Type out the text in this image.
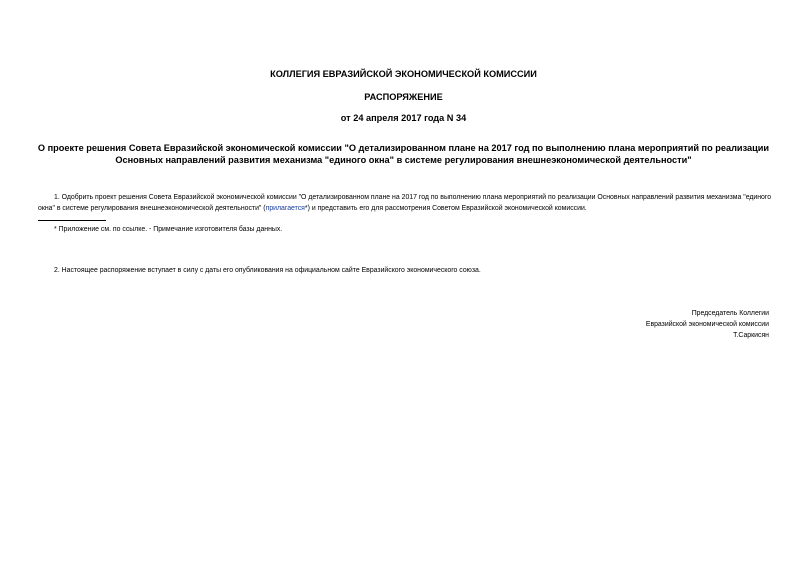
КОЛЛЕГИЯ ЕВРАЗИЙСКОЙ ЭКОНОМИЧЕСКОЙ КОМИССИИ

РАСПОРЯЖЕНИЕ

от 24 апреля 2017 года N 34

О проекте решения Совета Евразийской экономической комиссии "О детализированном плане на 2017 год по выполнению плана мероприятий по реализации Основных направлений развития механизма "единого окна" в системе регулирования внешнеэкономической деятельности"

1. Одобрить проект решения Совета Евразийской экономической комиссии "О детализированном плане на 2017 год по выполнению плана мероприятий по реализации Основных направлений развития механизма "единого окна" в системе регулирования внешнеэкономической деятельности" (прилагается*) и представить его для рассмотрения Советом Евразийской экономической комиссии.

* Приложение см. по ссылке. - Примечание изготовителя базы данных.

2. Настоящее распоряжение вступает в силу с даты его опубликования на официальном сайте Евразийского экономического союза.

Председатель Коллегии

Евразийской экономической комиссии

Т.Саркисян
